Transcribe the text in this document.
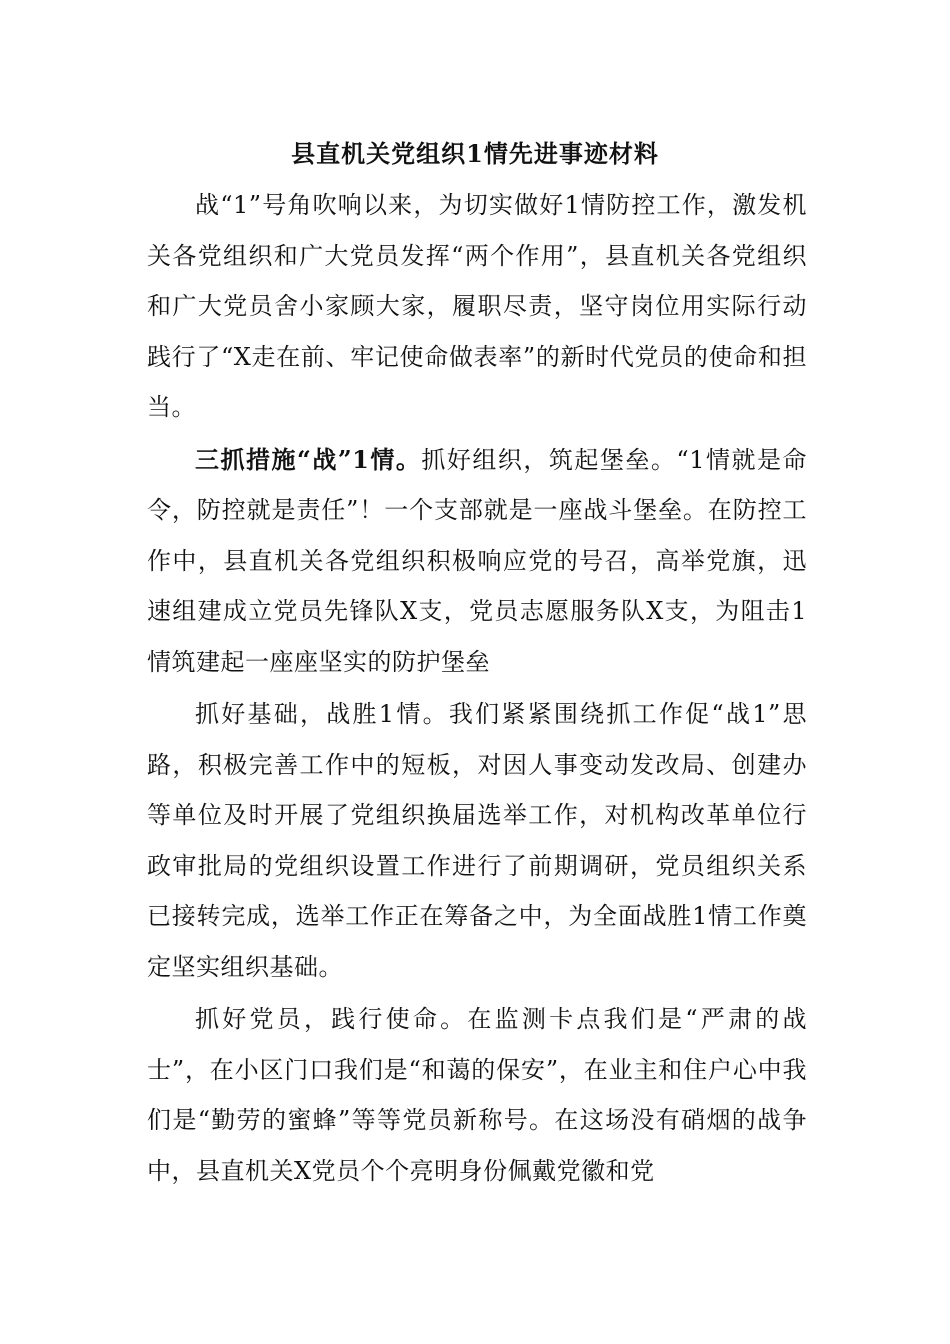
县直机关党组织1情先进事迹材料

战“1”号角吹响以来，为切实做好1情防控工作，激发机关各党组织和广大党员发挥“两个作用”，县直机关各党组织和广大党员舍小家顾大家，履职尽责，坚守岗位用实际行动践行了“X走在前、牢记使命做表率”的新时代党员的使命和担当。

三抓措施“战”1情。抓好组织，筑起堡垒。“1情就是命令，防控就是责任”！一个支部就是一座战斗堡垒。在防控工作中，县直机关各党组织积极响应党的号召，高举党旗，迅速组建成立党员先锋队X支，党员志愿服务队X支，为阻击1情筑建起一座座坚实的防护堡垒

抓好基础，战胜1情。我们紧紧围绕抓工作促“战1”思路，积极完善工作中的短板，对因人事变动发改局、创建办等单位及时开展了党组织换届选举工作，对机构改革单位行政审批局的党组织设置工作进行了前期调研，党员组织关系已接转完成，选举工作正在筹备之中，为全面战胜1情工作奠定坚实组织基础。

抓好党员，践行使命。在监测卡点我们是“严肃的战士”，在小区门口我们是“和蔼的保安”，在业主和住户心中我们是“勤劳的蜜蜂”等等党员新称号。在这场没有硝烟的战争中，县直机关X党员个个亮明身份佩戴党徽和党
